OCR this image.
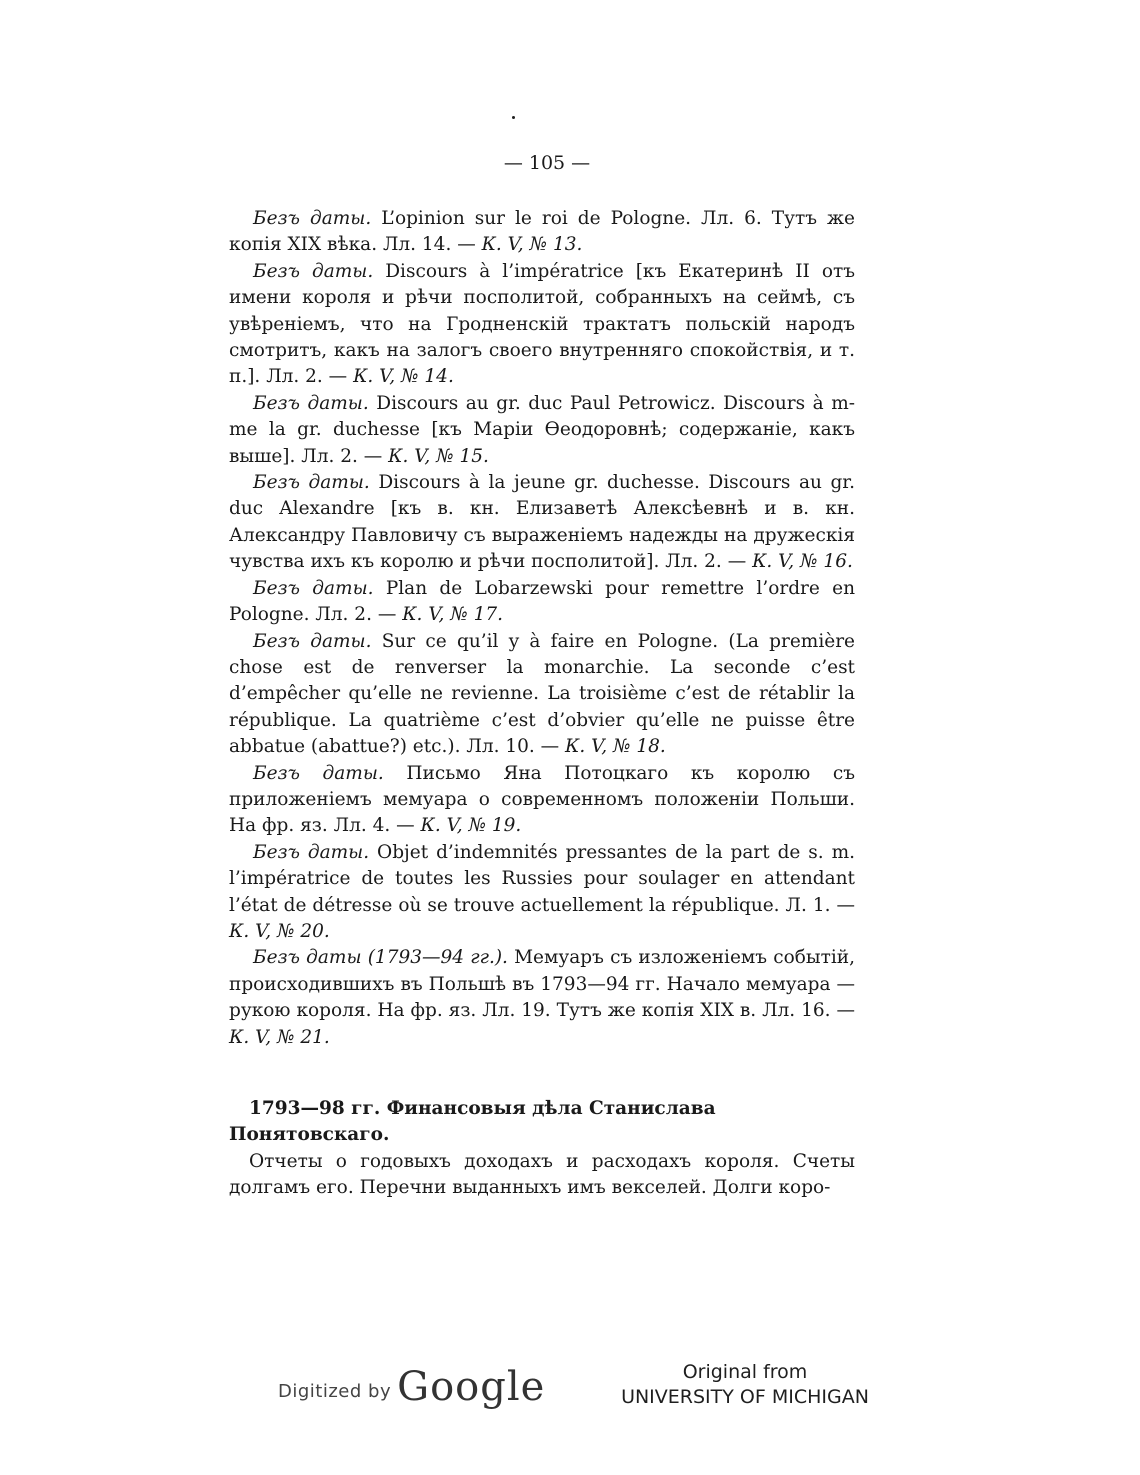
— 105 —

Безъ даты. L’opinion sur le roi de Pologne. Лл. 6. Тутъ же копія XIX вѣка. Лл. 14. — К. V, № 13.

Безъ даты. Discours à l’impératrice [къ Екатеринѣ II отъ имени короля и рѣчи посполитой, собранныхъ на сеймѣ, съ увѣреніемъ, что на Гродненскій трактатъ польскій народъ смотритъ, какъ на залогъ своего внутренняго спокойствія, и т. п.]. Лл. 2. — К. V, № 14.

Безъ даты. Discours au gr. duc Paul Petrowicz. Discours à m-me la gr. duchesse [къ Маріи Ѳеодоровнѣ; содержаніе, какъ выше]. Лл. 2. — К. V, № 15.

Безъ даты. Discours à la jeune gr. duchesse. Discours au gr. duc Alexandre [къ в. кн. Елизаветѣ Алексѣевнѣ и в. кн. Александру Павловичу съ выраженіемъ надежды на дружескія чувства ихъ къ королю и рѣчи посполитой]. Лл. 2. — К. V, № 16.

Безъ даты. Plan de Lobarzewski pour remettre l’ordre en Pologne. Лл. 2. — К. V, № 17.

Безъ даты. Sur ce qu’il y à faire en Pologne. (La première chose est de renverser la monarchie. La seconde c’est d’empêcher qu’elle ne revienne. La troisième c’est de rétablir la république. La quatrième c’est d’obvier qu’elle ne puisse être abbatue (abattue?) etc.). Лл. 10. — К. V, № 18.

Безъ даты. Письмо Яна Потоцкаго къ королю съ приложеніемъ мемуара о современномъ положеніи Польши. На фр. яз. Лл. 4. — К. V, № 19.

Безъ даты. Objet d’indemnités pressantes de la part de s. m. l’impératrice de toutes les Russies pour soulager en attendant l’état de détresse où se trouve actuellement la république. Л. 1. — К. V, № 20.

Безъ даты (1793—94 гг.). Мемуаръ съ изложеніемъ событій, происходившихъ въ Польшѣ въ 1793—94 гг. Начало мемуара — рукою короля. На фр. яз. Лл. 19. Тутъ же копія XIX в. Лл. 16. — К. V, № 21.

1793—98 гг. Финансовыя дѣла Станислава Понятовскаго.

Отчеты о годовыхъ доходахъ и расходахъ короля. Счеты долгамъ его. Перечни выданныхъ имъ векселей. Долги коро-

Digitized by Google	Original from
UNIVERSITY OF MICHIGAN
